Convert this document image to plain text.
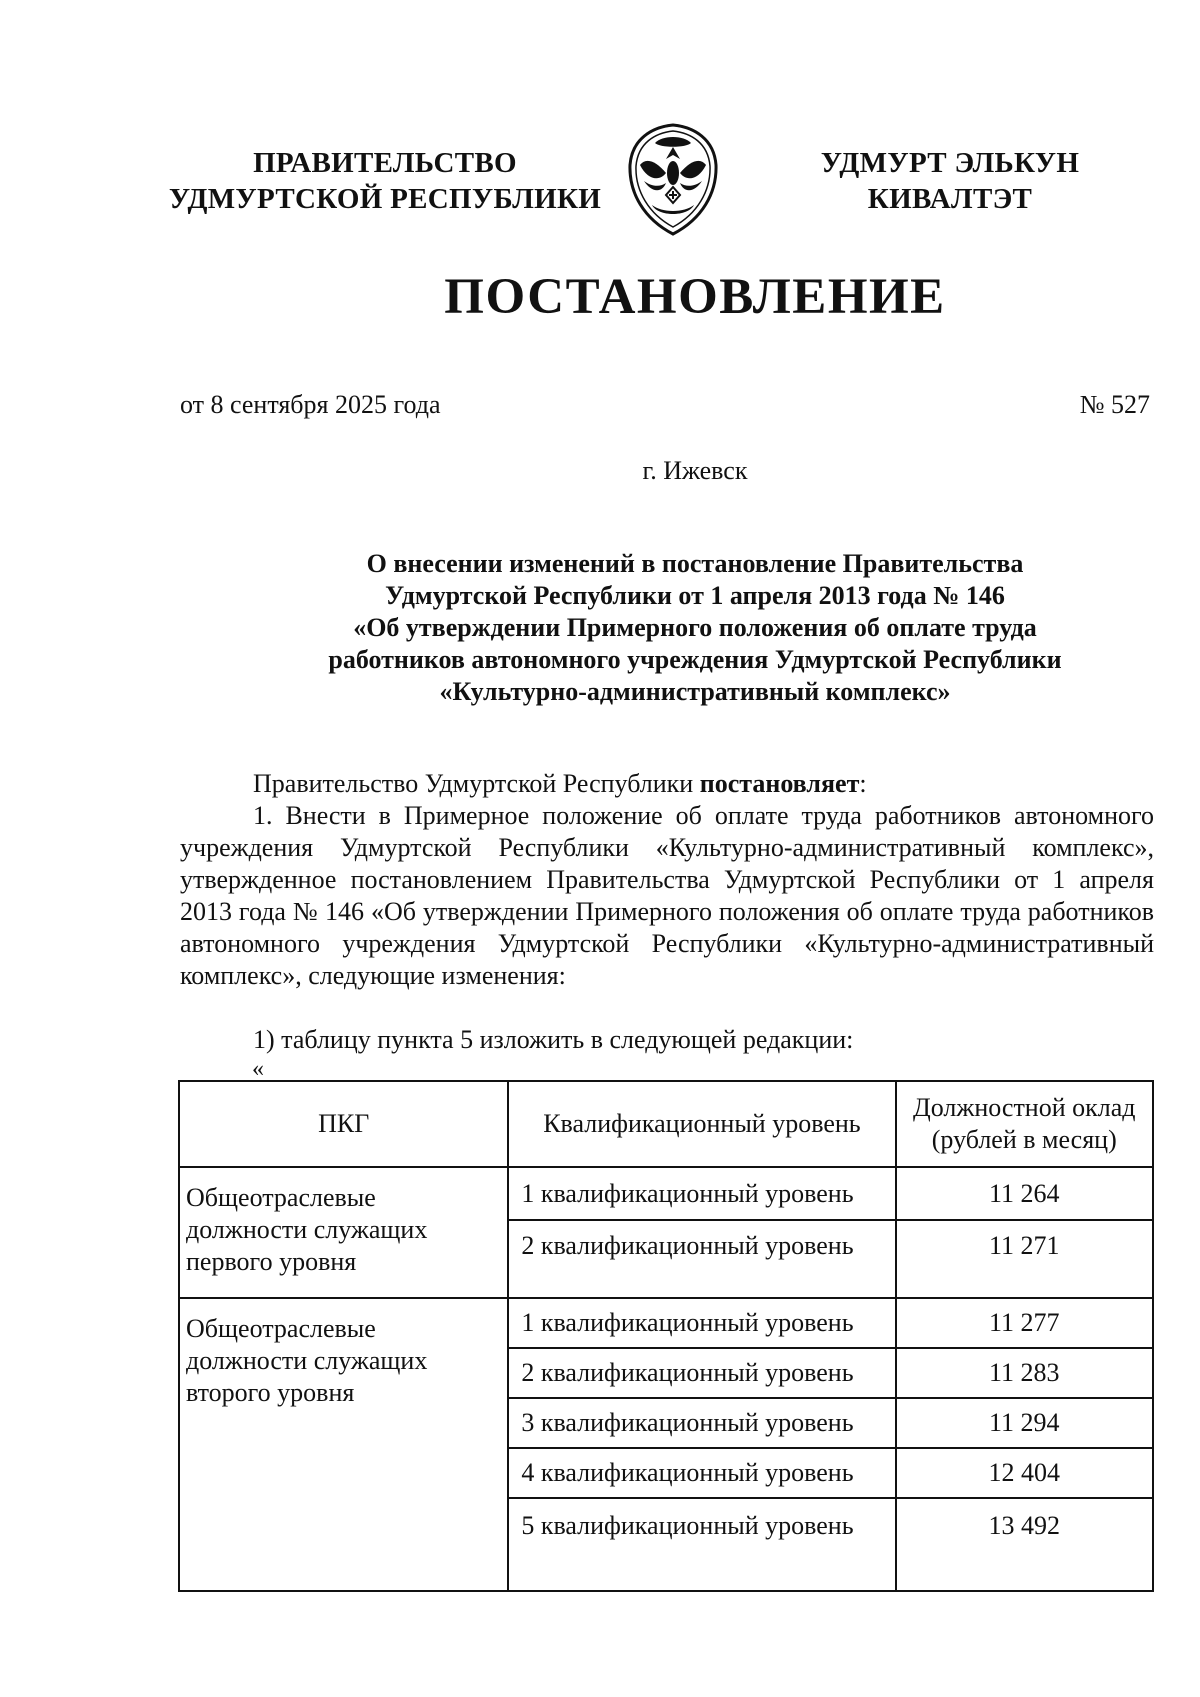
ПРАВИТЕЛЬСТВО
УДМУРТСКОЙ РЕСПУБЛИКИ
УДМУРТ ЭЛЬКУН
КИВАЛТЭТ
ПОСТАНОВЛЕНИЕ
от 8 сентября 2025 года	№ 527
г. Ижевск
О внесении изменений в постановление Правительства
Удмуртской Республики от 1 апреля 2013 года № 146
«Об утверждении Примерного положения об оплате труда
работников автономного учреждения Удмуртской Республики
«Культурно-административный комплекс»
Правительство Удмуртской Республики постановляет:
1. Внести в Примерное положение об оплате труда работников автономного учреждения Удмуртской Республики «Культурно-административный комплекс», утвержденное постановлением Правительства Удмуртской Республики от 1 апреля 2013 года № 146 «Об утверждении Примерного положения об оплате труда работников автономного учреждения Удмуртской Республики «Культурно-административный комплекс», следующие изменения:
1) таблицу пункта 5 изложить в следующей редакции:
«
ПКГ	Квалификационный уровень	Должностной оклад
(рублей в месяц)
Общеотраслевые
должности служащих
первого уровня	1 квалификационный уровень	11 264
	2 квалификационный уровень	11 271
Общеотраслевые
должности служащих
второго уровня	1 квалификационный уровень	11 277
	2 квалификационный уровень	11 283
	3 квалификационный уровень	11 294
	4 квалификационный уровень	12 404
	5 квалификационный уровень	13 492
